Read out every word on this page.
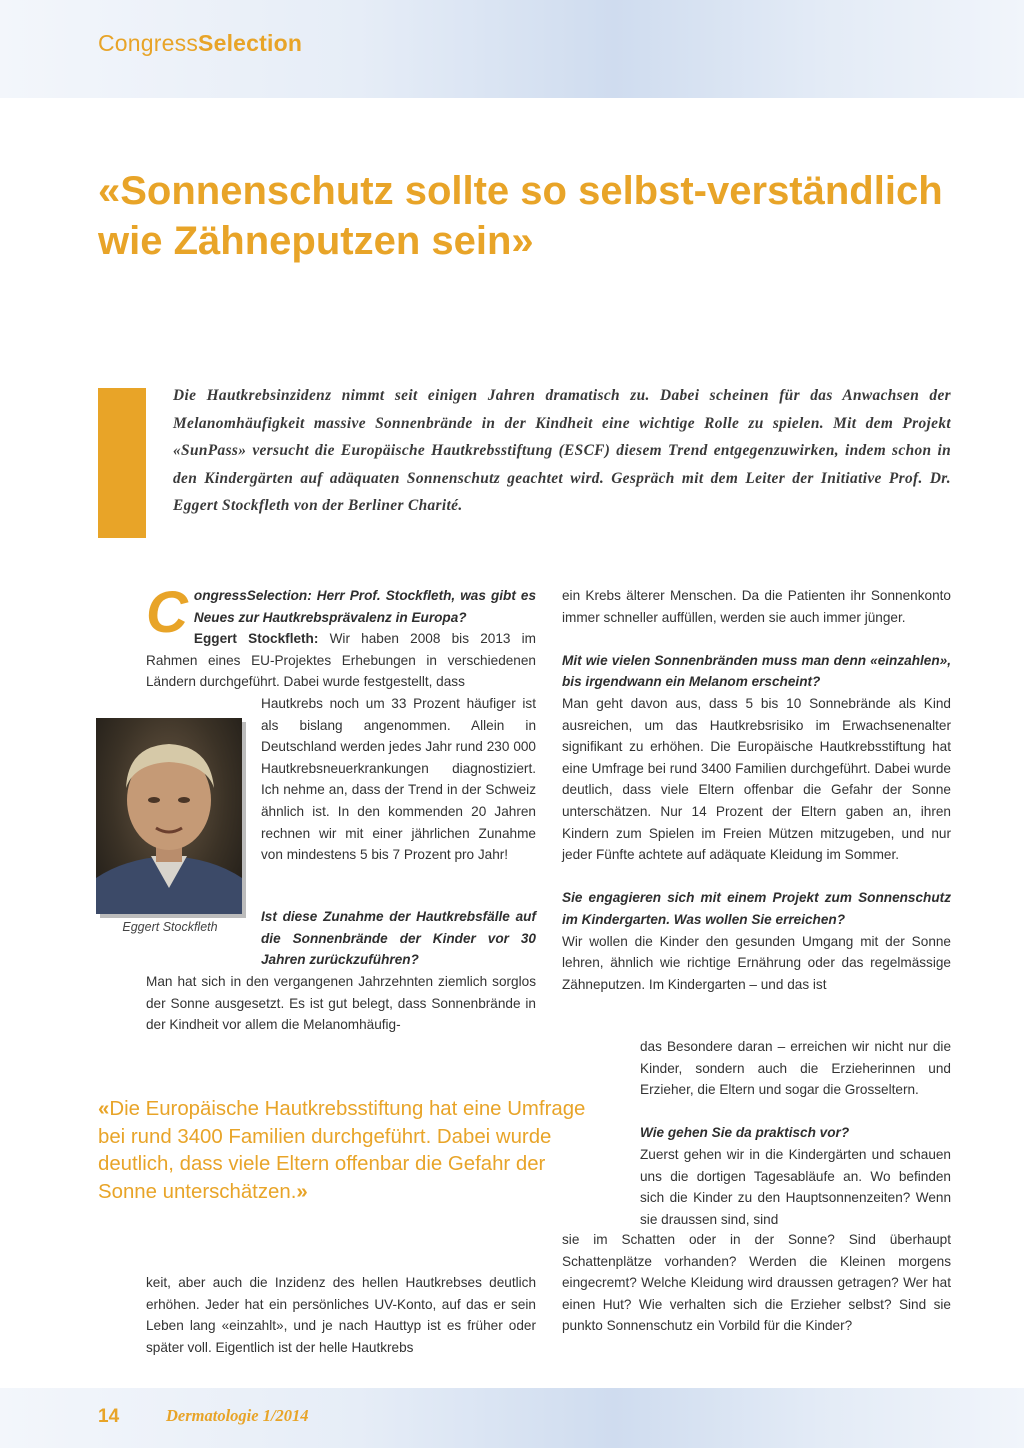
CongressSelection
«Sonnenschutz sollte so selbst-verständlich wie Zähneputzen sein»

Die Hautkrebsinzidenz nimmt seit einigen Jahren dramatisch zu. Dabei scheinen für das Anwachsen der Melanomhäufigkeit massive Sonnenbrände in der Kindheit eine wichtige Rolle zu spielen. Mit dem Projekt «SunPass» versucht die Europäische Hautkrebsstiftung (ESCF) diesem Trend entgegenzuwirken, indem schon in den Kindergärten auf adäquaten Sonnenschutz geachtet wird. Gespräch mit dem Leiter der Initiative Prof. Dr. Eggert Stockfleth von der Berliner Charité.

C ongressSelection: Herr Prof. Stockfleth, was gibt es Neues zur Hautkrebsprävalenz in Europa?
Eggert Stockfleth: Wir haben 2008 bis 2013 im Rahmen eines EU-Projektes Erhebungen in verschiedenen Ländern durchgeführt. Dabei wurde festgestellt, dass

Eggert Stockfleth

Hautkrebs noch um 33 Prozent häufiger ist als bislang angenommen. Allein in Deutschland werden jedes Jahr rund 230 000 Hautkrebsneuerkrankungen diagnostiziert. Ich nehme an, dass der Trend in der Schweiz ähnlich ist. In den kommenden 20 Jahren rechnen wir mit einer jährlichen Zunahme von mindestens 5 bis 7 Prozent pro Jahr!

Ist diese Zunahme der Hautkrebsfälle auf die Sonnenbrände der Kinder vor 30 Jahren zurückzuführen?

Man hat sich in den vergangenen Jahrzehnten ziemlich sorglos der Sonne ausgesetzt. Es ist gut belegt, dass Sonnenbrände in der Kindheit vor allem die Melanomhäufig-

«Die Europäische Hautkrebsstiftung hat eine Umfrage bei rund 3400 Familien durchgeführt. Dabei wurde deutlich, dass viele Eltern offenbar die Gefahr der Sonne unterschätzen.»

keit, aber auch die Inzidenz des hellen Hautkrebses deutlich erhöhen. Jeder hat ein persönliches UV-Konto, auf das er sein Leben lang «einzahlt», und je nach Hauttyp ist es früher oder später voll. Eigentlich ist der helle Hautkrebs

ein Krebs älterer Menschen. Da die Patienten ihr Sonnenkonto immer schneller auffüllen, werden sie auch immer jünger.

Mit wie vielen Sonnenbränden muss man denn «einzahlen», bis irgendwann ein Melanom erscheint?

Man geht davon aus, dass 5 bis 10 Sonnebrände als Kind ausreichen, um das Hautkrebsrisiko im Erwachsenenalter signifikant zu erhöhen. Die Europäische Hautkrebsstiftung hat eine Umfrage bei rund 3400 Familien durchgeführt. Dabei wurde deutlich, dass viele Eltern offenbar die Gefahr der Sonne unterschätzen. Nur 14 Prozent der Eltern gaben an, ihren Kindern zum Spielen im Freien Mützen mitzugeben, und nur jeder Fünfte achtete auf adäquate Kleidung im Sommer.

Sie engagieren sich mit einem Projekt zum Sonnenschutz im Kindergarten. Was wollen Sie erreichen?

Wir wollen die Kinder den gesunden Umgang mit der Sonne lehren, ähnlich wie richtige Ernährung oder das regelmässige Zähneputzen. Im Kindergarten – und das ist

das Besondere daran – erreichen wir nicht nur die Kinder, sondern auch die Erzieherinnen und Erzieher, die Eltern und sogar die Grosseltern.

Wie gehen Sie da praktisch vor?

Zuerst gehen wir in die Kindergärten und schauen uns die dortigen Tagesabläufe an. Wo befinden sich die Kinder zu den Hauptsonnenzeiten? Wenn sie draussen sind, sind

sie im Schatten oder in der Sonne? Sind überhaupt Schattenplätze vorhanden? Werden die Kleinen morgens eingecremt? Welche Kleidung wird draussen getragen? Wer hat einen Hut? Wie verhalten sich die Erzieher selbst? Sind sie punkto Sonnenschutz ein Vorbild für die Kinder?

14	Dermatologie 1/2014
